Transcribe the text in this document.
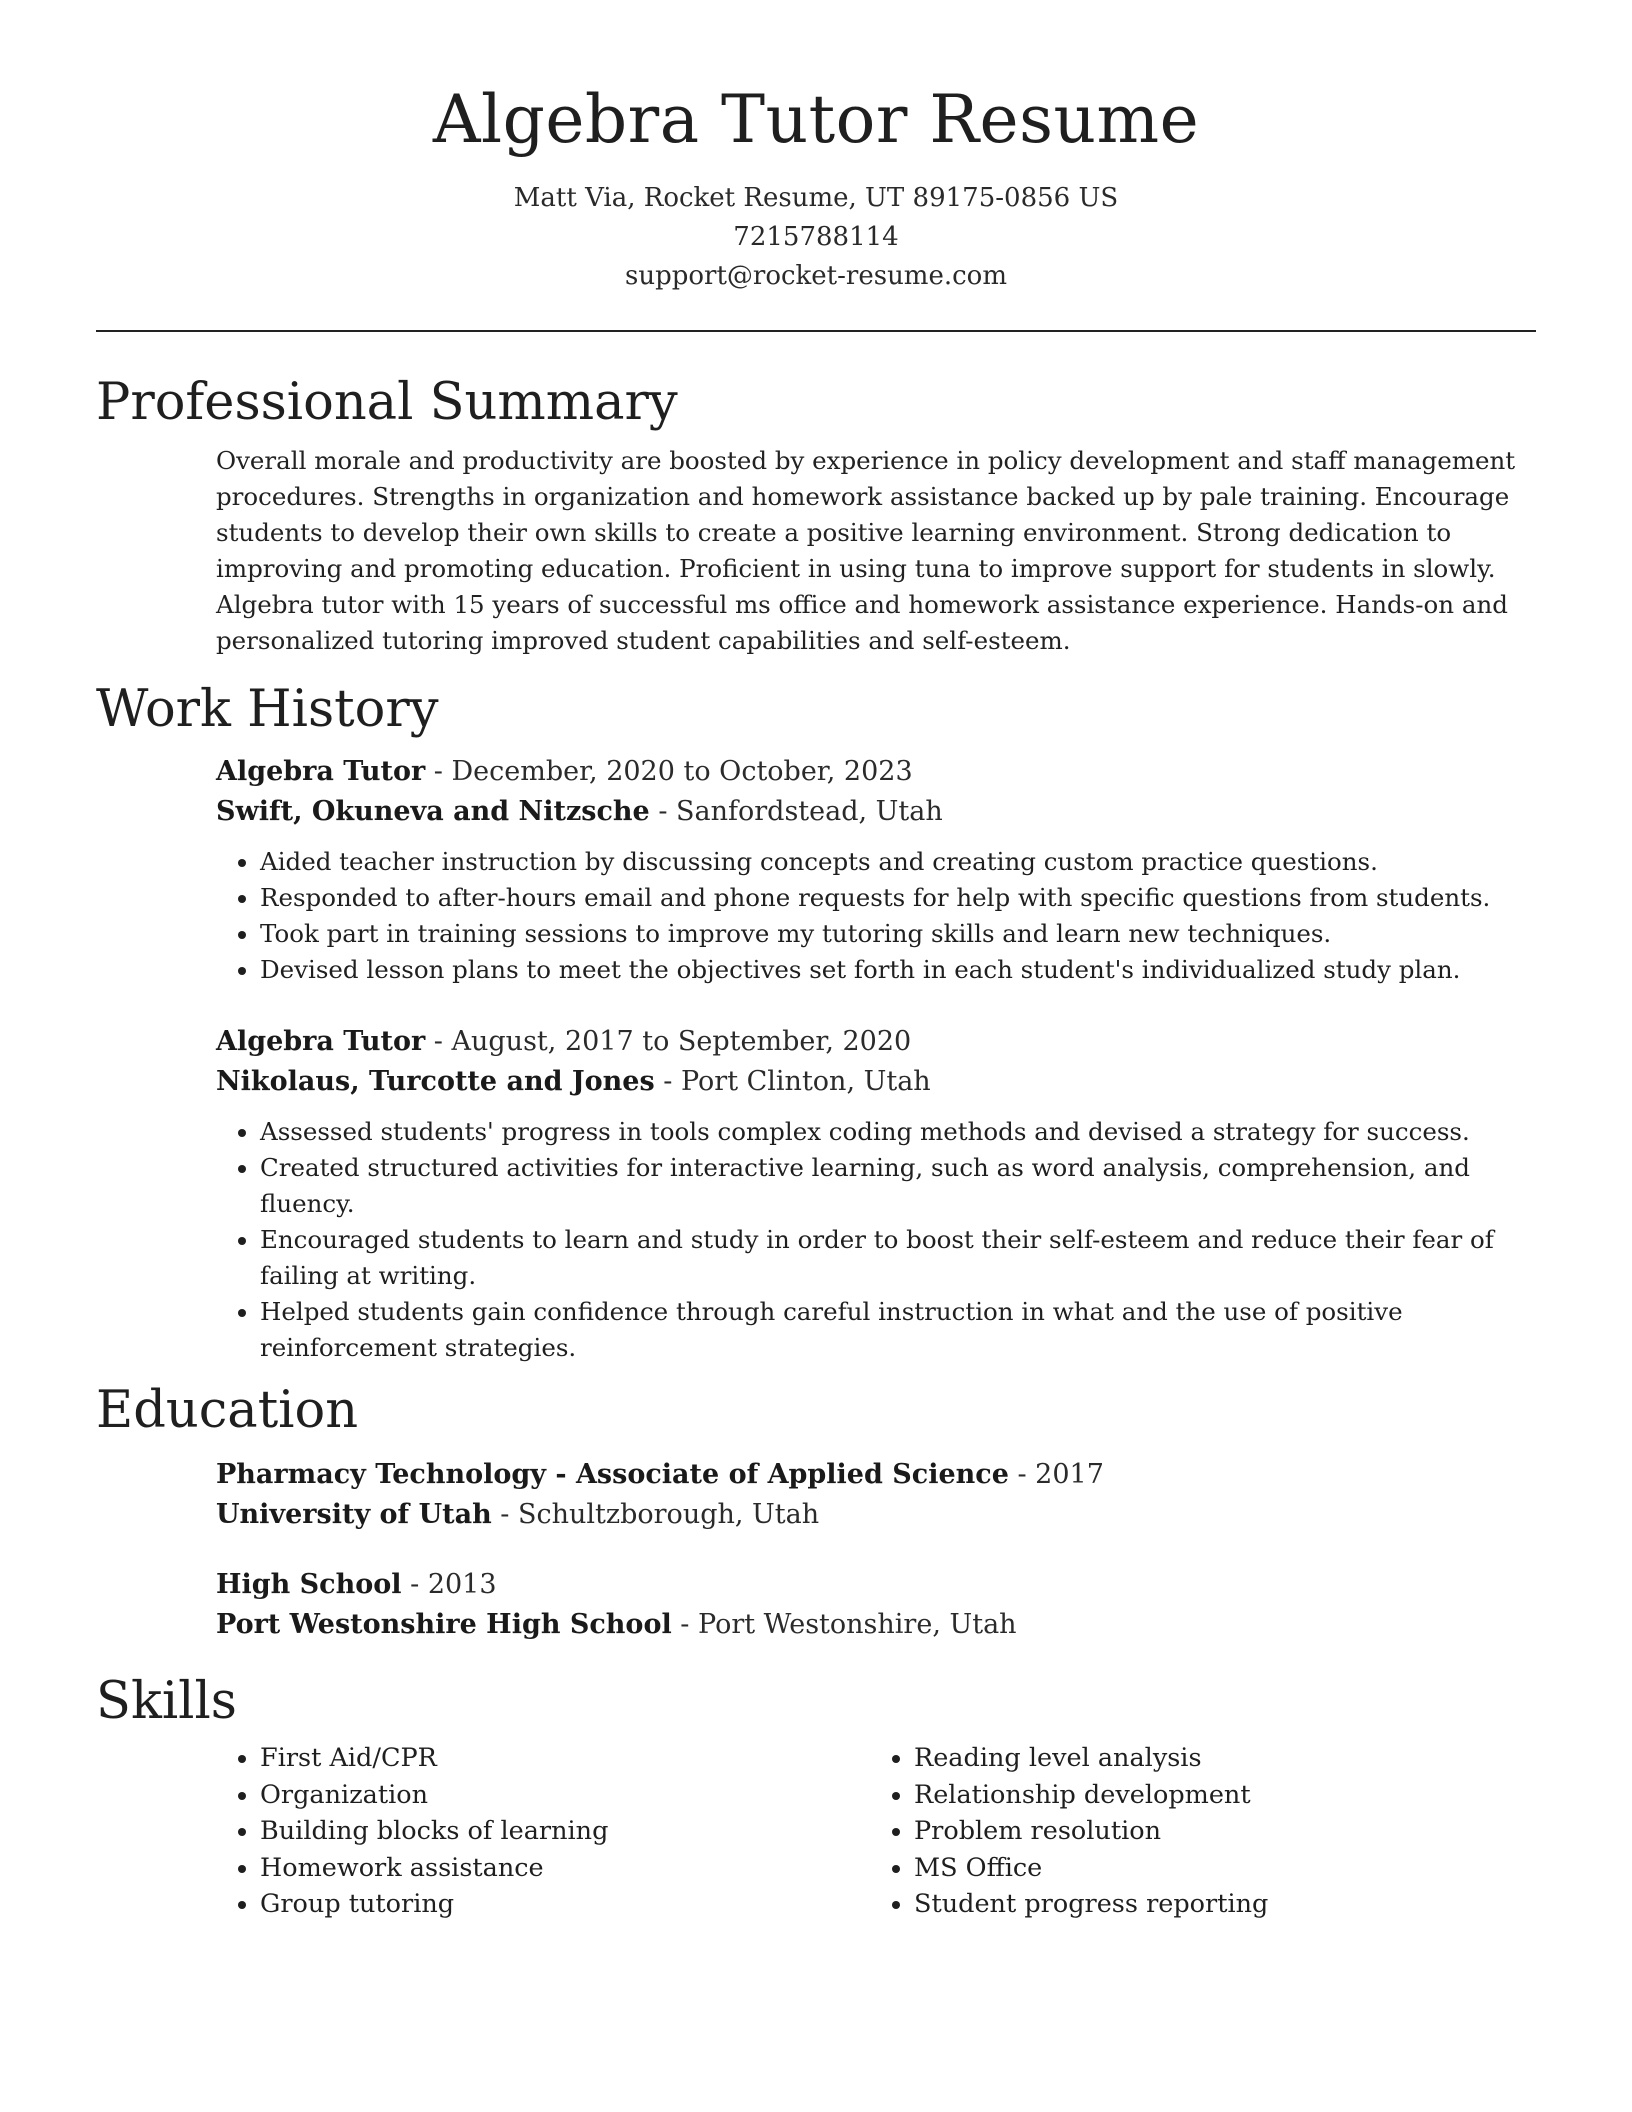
Algebra Tutor Resume
Matt Via, Rocket Resume, UT 89175-0856 US
7215788114
support@rocket-resume.com
Professional Summary
Overall morale and productivity are boosted by experience in policy development and staff management procedures. Strengths in organization and homework assistance backed up by pale training. Encourage students to develop their own skills to create a positive learning environment. Strong dedication to improving and promoting education. Proficient in using tuna to improve support for students in slowly. Algebra tutor with 15 years of successful ms office and homework assistance experience. Hands-on and personalized tutoring improved student capabilities and self-esteem.
Work History
Algebra Tutor - December, 2020 to October, 2023
Swift, Okuneva and Nitzsche - Sanfordstead, Utah
• Aided teacher instruction by discussing concepts and creating custom practice questions.
• Responded to after-hours email and phone requests for help with specific questions from students.
• Took part in training sessions to improve my tutoring skills and learn new techniques.
• Devised lesson plans to meet the objectives set forth in each student's individualized study plan.
Algebra Tutor - August, 2017 to September, 2020
Nikolaus, Turcotte and Jones - Port Clinton, Utah
• Assessed students' progress in tools complex coding methods and devised a strategy for success.
• Created structured activities for interactive learning, such as word analysis, comprehension, and fluency.
• Encouraged students to learn and study in order to boost their self-esteem and reduce their fear of failing at writing.
• Helped students gain confidence through careful instruction in what and the use of positive reinforcement strategies.
Education
Pharmacy Technology - Associate of Applied Science - 2017
University of Utah - Schultzborough, Utah
High School - 2013
Port Westonshire High School - Port Westonshire, Utah
Skills
• First Aid/CPR
• Organization
• Building blocks of learning
• Homework assistance
• Group tutoring
• Reading level analysis
• Relationship development
• Problem resolution
• MS Office
• Student progress reporting
